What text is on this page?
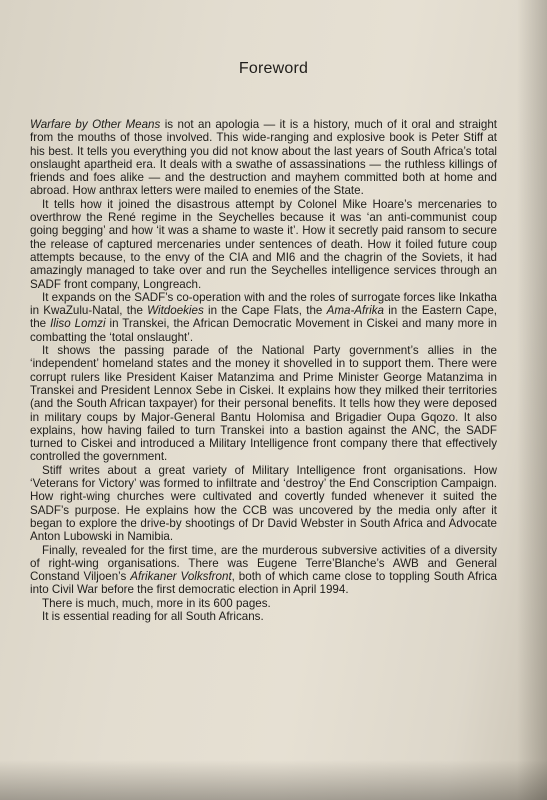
Foreword

Warfare by Other Means is not an apologia — it is a history, much of it oral and straight from the mouths of those involved. This wide-ranging and explosive book is Peter Stiff at his best. It tells you everything you did not know about the last years of South Africa’s total onslaught apartheid era. It deals with a swathe of assassinations — the ruthless killings of friends and foes alike — and the destruction and mayhem committed both at home and abroad. How anthrax letters were mailed to enemies of the State.

It tells how it joined the disastrous attempt by Colonel Mike Hoare’s mercenaries to overthrow the René regime in the Seychelles because it was ‘an anti-communist coup going begging’ and how ‘it was a shame to waste it’. How it secretly paid ransom to secure the release of captured mercenaries under sentences of death. How it foiled future coup attempts because, to the envy of the CIA and MI6 and the chagrin of the Soviets, it had amazingly managed to take over and run the Seychelles intelligence services through an SADF front company, Longreach.

It expands on the SADF’s co-operation with and the roles of surrogate forces like Inkatha in KwaZulu-Natal, the Witdoekies in the Cape Flats, the Ama-Afrika in the Eastern Cape, the Iliso Lomzi in Transkei, the African Democratic Movement in Ciskei and many more in combatting the ‘total onslaught’.

It shows the passing parade of the National Party government’s allies in the ‘independent’ homeland states and the money it shovelled in to support them. There were corrupt rulers like President Kaiser Matanzima and Prime Minister George Matanzima in Transkei and President Lennox Sebe in Ciskei. It explains how they milked their territories (and the South African taxpayer) for their personal benefits. It tells how they were deposed in military coups by Major-General Bantu Holomisa and Brigadier Oupa Gqozo. It also explains, how having failed to turn Transkei into a bastion against the ANC, the SADF turned to Ciskei and introduced a Military Intelligence front company there that effectively controlled the government.

Stiff writes about a great variety of Military Intelligence front organisations. How ‘Veterans for Victory’ was formed to infiltrate and ‘destroy’ the End Conscription Campaign. How right-wing churches were cultivated and covertly funded whenever it suited the SADF’s purpose. He explains how the CCB was uncovered by the media only after it began to explore the drive-by shootings of Dr David Webster in South Africa and Advocate Anton Lubowski in Namibia.

Finally, revealed for the first time, are the murderous subversive activities of a diversity of right-wing organisations. There was Eugene Terre’Blanche’s AWB and General Constand Viljoen’s Afrikaner Volksfront, both of which came close to toppling South Africa into Civil War before the first democratic election in April 1994.

There is much, much, more in its 600 pages.

It is essential reading for all South Africans.
